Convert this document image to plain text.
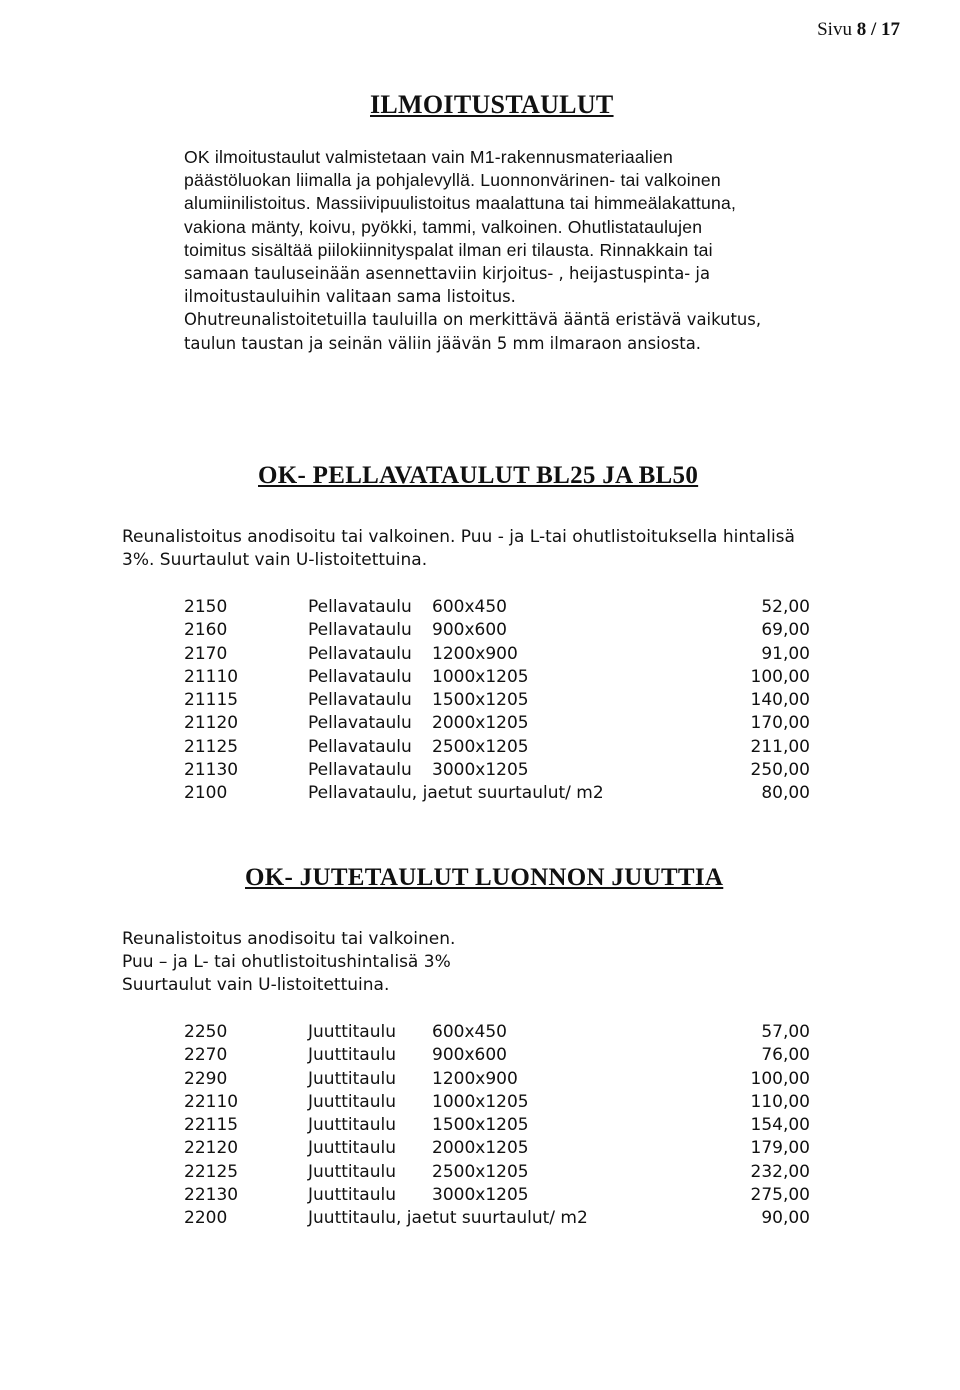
Sivu 8 / 17
ILMOITUSTAULUT
OK ilmoitustaulut valmistetaan vain M1-rakennusmateriaalien
päästöluokan liimalla ja pohjalevyllä. Luonnonvärinen- tai valkoinen
alumiinilistoitus. Massiivipuulistoitus maalattuna tai himmeälakattuna,
vakiona mänty, koivu, pyökki, tammi, valkoinen. Ohutlistataulujen
toimitus sisältää piilokiinnityspalat ilman eri tilausta. Rinnakkain tai
samaan tauluseinään asennettaviin kirjoitus- , heijastuspinta- ja
ilmoitustauluihin valitaan sama listoitus.
Ohutreunalistoitetuilla tauluilla on merkittävä ääntä eristävä vaikutus,
taulun taustan ja seinän väliin jäävän 5 mm ilmaraon ansiosta.
OK- PELLAVATAULUT BL25 JA BL50
Reunalistoitus anodisoitu tai valkoinen. Puu - ja L-tai ohutlistoituksella hintalisä
3%. Suurtaulut vain U-listoitettuina.
2150	Pellavataulu	600x450	52,00
2160	Pellavataulu	900x600	69,00
2170	Pellavataulu	1200x900	91,00
21110	Pellavataulu	1000x1205	100,00
21115	Pellavataulu	1500x1205	140,00
21120	Pellavataulu	2000x1205	170,00
21125	Pellavataulu	2500x1205	211,00
21130	Pellavataulu	3000x1205	250,00
2100	Pellavataulu, jaetut suurtaulut/ m2		80,00
OK- JUTETAULUT LUONNON JUUTTIA
Reunalistoitus anodisoitu tai valkoinen.
Puu – ja L- tai ohutlistoitushintalisä 3%
Suurtaulut vain U-listoitettuina.
2250	Juuttitaulu	600x450	57,00
2270	Juuttitaulu	900x600	76,00
2290	Juuttitaulu	1200x900	100,00
22110	Juuttitaulu	1000x1205	110,00
22115	Juuttitaulu	1500x1205	154,00
22120	Juuttitaulu	2000x1205	179,00
22125	Juuttitaulu	2500x1205	232,00
22130	Juuttitaulu	3000x1205	275,00
2200	Juuttitaulu, jaetut suurtaulut/ m2		90,00
